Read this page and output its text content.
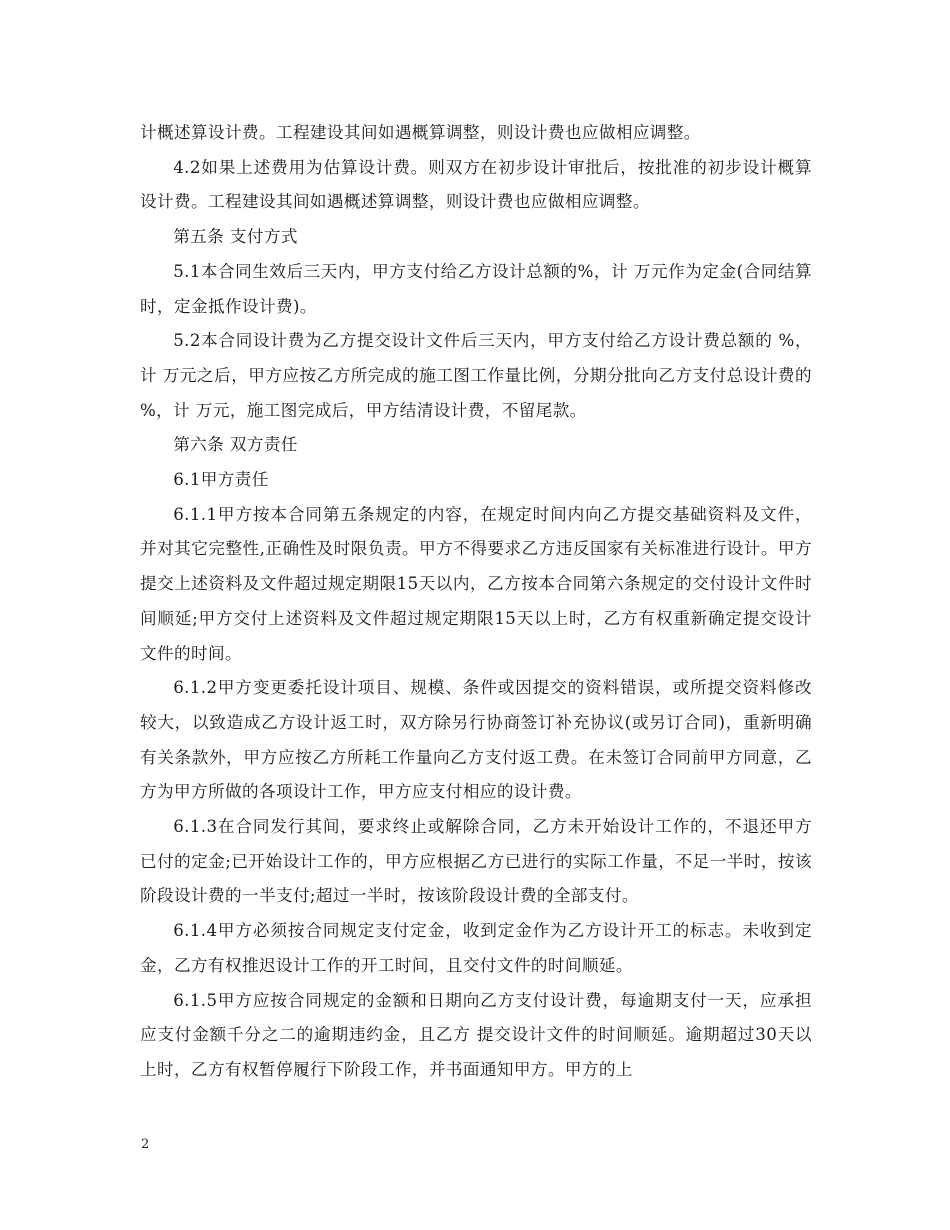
计概述算设计费。工程建设其间如遇概算调整，则设计费也应做相应调整。

4.2如果上述费用为估算设计费。则双方在初步设计审批后，按批准的初步设计概算设计费。工程建设其间如遇概述算调整，则设计费也应做相应调整。

第五条 支付方式

5.1本合同生效后三天内，甲方支付给乙方设计总额的%，计 万元作为定金(合同结算时，定金抵作设计费)。

5.2本合同设计费为乙方提交设计文件后三天内，甲方支付给乙方设计费总额的 %，计 万元之后，甲方应按乙方所完成的施工图工作量比例，分期分批向乙方支付总设计费的 %，计 万元，施工图完成后，甲方结清设计费，不留尾款。

第六条 双方责任

6.1甲方责任

6.1.1甲方按本合同第五条规定的内容，在规定时间内向乙方提交基础资料及文件，并对其它完整性,正确性及时限负责。甲方不得要求乙方违反国家有关标准进行设计。甲方提交上述资料及文件超过规定期限15天以内，乙方按本合同第六条规定的交付设计文件时间顺延;甲方交付上述资料及文件超过规定期限15天以上时，乙方有权重新确定提交设计文件的时间。

6.1.2甲方变更委托设计项目、规模、条件或因提交的资料错误，或所提交资料修改较大，以致造成乙方设计返工时，双方除另行协商签订补充协议(或另订合同)，重新明确有关条款外，甲方应按乙方所耗工作量向乙方支付返工费。在未签订合同前甲方同意，乙方为甲方所做的各项设计工作，甲方应支付相应的设计费。

6.1.3在合同发行其间，要求终止或解除合同，乙方未开始设计工作的，不退还甲方已付的定金;已开始设计工作的，甲方应根据乙方已进行的实际工作量，不足一半时，按该阶段设计费的一半支付;超过一半时，按该阶段设计费的全部支付。

6.1.4甲方必须按合同规定支付定金，收到定金作为乙方设计开工的标志。未收到定金，乙方有权推迟设计工作的开工时间，且交付文件的时间顺延。

6.1.5甲方应按合同规定的金额和日期向乙方支付设计费，每逾期支付一天，应承担应支付金额千分之二的逾期违约金，且乙方 提交设计文件的时间顺延。逾期超过30天以上时，乙方有权暂停履行下阶段工作，并书面通知甲方。甲方的上

2
